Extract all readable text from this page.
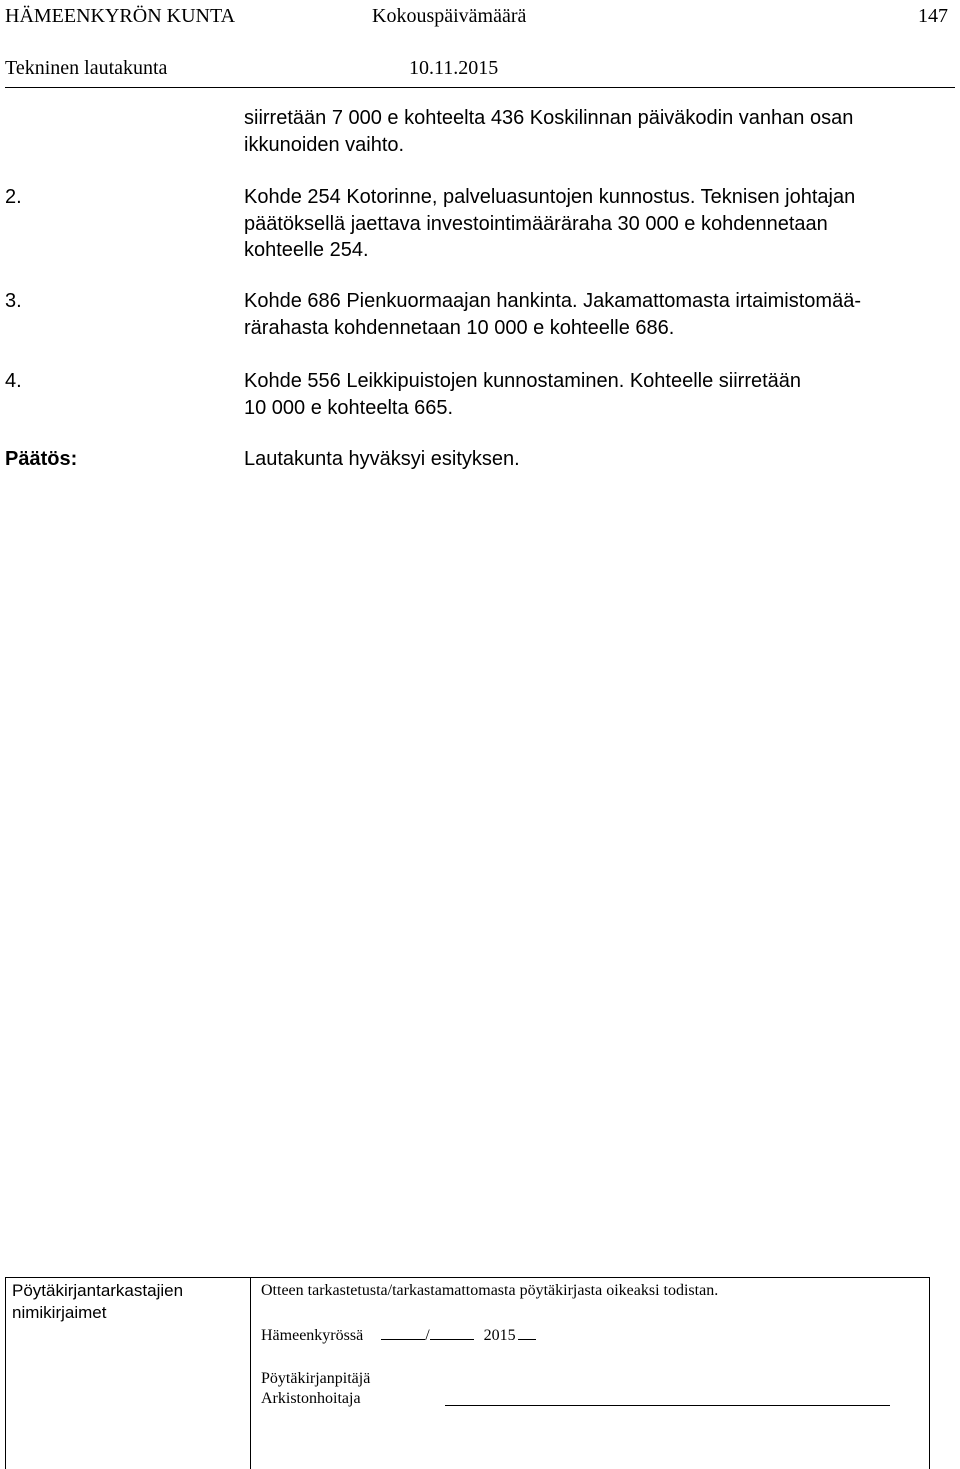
HÄMEENKYRÖN KUNTA	Kokouspäivämäärä	147
Tekninen lautakunta	10.11.2015
siirretään 7 000 e kohteelta 436 Koskilinnan päiväkodin vanhan osan
ikkunoiden vaihto.
2.	Kohde 254 Kotorinne, palveluasuntojen kunnostus. Teknisen johtajan
päätöksellä jaettava investointimääräraha 30 000 e kohdennetaan
kohteelle 254.
3.	Kohde 686 Pienkuormaajan hankinta. Jakamattomasta irtaimistomää-
rärahasta kohdennetaan 10 000 e kohteelle 686.
4.	Kohde 556 Leikkipuistojen kunnostaminen. Kohteelle siirretään
10 000 e kohteelta 665.
Päätös:	Lautakunta hyväksyi esityksen.
Pöytäkirjantarkastajien
nimikirjaimet
Otteen tarkastetusta/tarkastamattomasta pöytäkirjasta oikeaksi todistan.
Hämeenkyrössä	/	2015
Pöytäkirjanpitäjä
Arkistonhoitaja
